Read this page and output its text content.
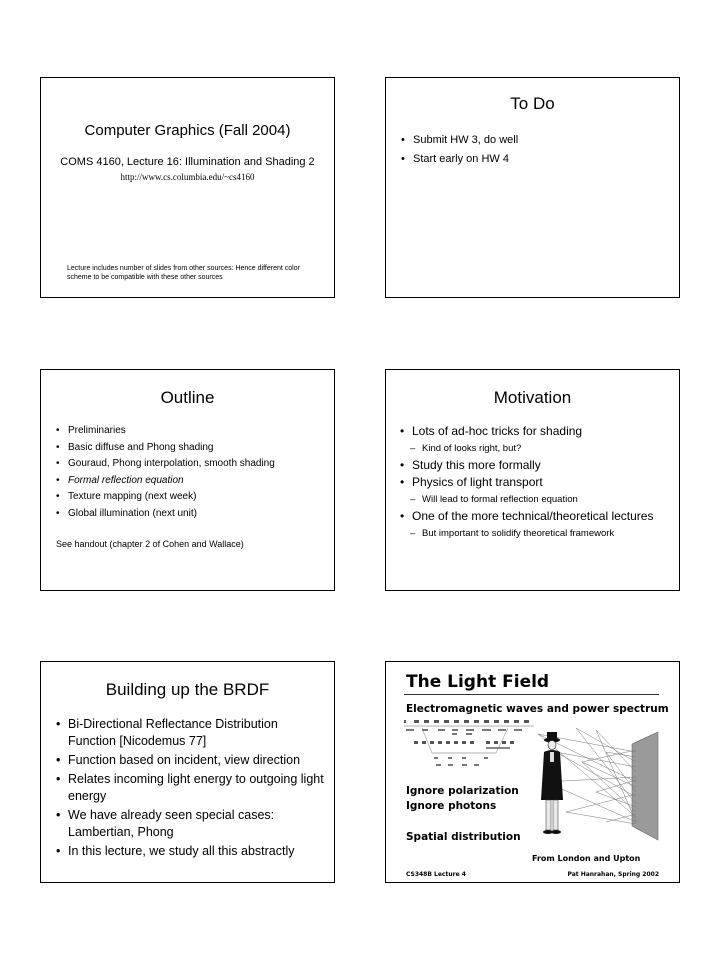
Computer Graphics (Fall 2004)
COMS 4160, Lecture 16: Illumination and Shading 2
http://www.cs.columbia.edu/~cs4160
Lecture includes number of slides from other sources: Hence different color scheme to be compatible with these other sources
To Do
• Submit HW 3, do well
• Start early on HW 4
Outline
• Preliminaries
• Basic diffuse and Phong shading
• Gouraud, Phong interpolation, smooth shading
• Formal reflection equation
• Texture mapping (next week)
• Global illumination (next unit)
See handout (chapter 2 of Cohen and Wallace)
Motivation
• Lots of ad-hoc tricks for shading
– Kind of looks right, but?
• Study this more formally
• Physics of light transport
– Will lead to formal reflection equation
• One of the more technical/theoretical lectures
– But important to solidify theoretical framework
Building up the BRDF
• Bi-Directional Reflectance Distribution Function [Nicodemus 77]
• Function based on incident, view direction
• Relates incoming light energy to outgoing light energy
• We have already seen special cases: Lambertian, Phong
• In this lecture, we study all this abstractly
The Light Field
Electromagnetic waves and power spectrum
Ignore polarization
Ignore photons
Spatial distribution
From London and Upton
CS348B Lecture 4	Pat Hanrahan, Spring 2002
